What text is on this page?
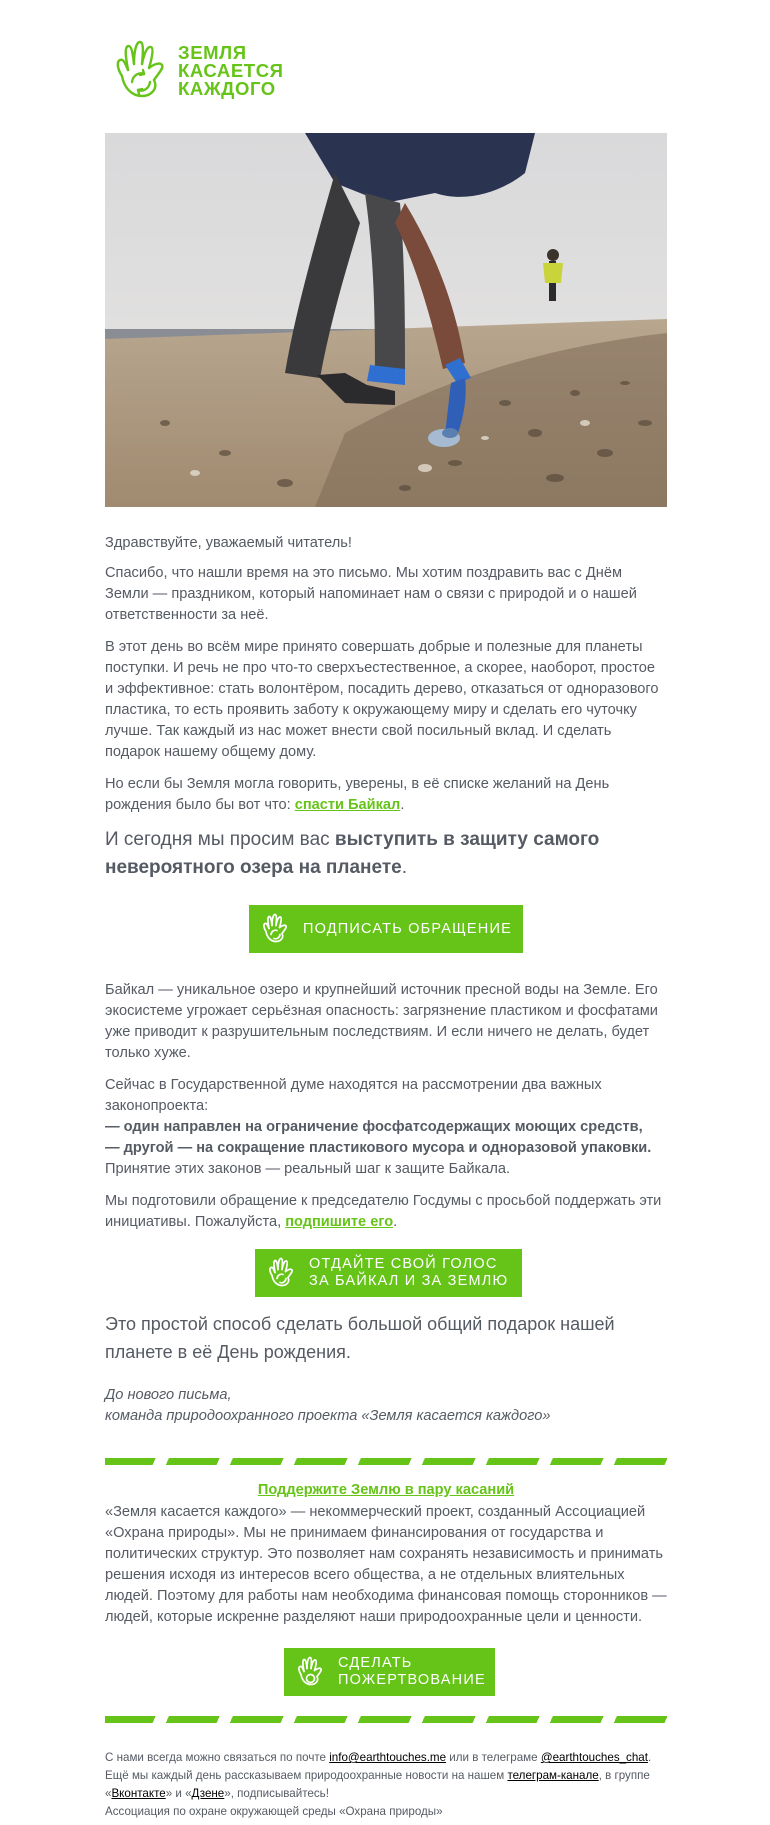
ЗЕМЛЯ
КАСАЕТСЯ
КАЖДОГО
Здравствуйте, уважаемый читатель!
Спасибо, что нашли время на это письмо. Мы хотим поздравить вас с Днём Земли — праздником, который напоминает нам о связи с природой и о нашей ответственности за неё.
В этот день во всём мире принято совершать добрые и полезные для планеты поступки. И речь не про что-то сверхъестественное, а скорее, наоборот, простое и эффективное: стать волонтёром, посадить дерево, отказаться от одноразового пластика, то есть проявить заботу к окружающему миру и сделать его чуточку лучше. Так каждый из нас может внести свой посильный вклад. И сделать подарок нашему общему дому.
Но если бы Земля могла говорить, уверены, в её списке желаний на День рождения было бы вот что: спасти Байкал.
И сегодня мы просим вас выступить в защиту самого невероятного озера на планете.
ПОДПИСАТЬ ОБРАЩЕНИЕ
Байкал — уникальное озеро и крупнейший источник пресной воды на Земле. Его экосистеме угрожает серьёзная опасность: загрязнение пластиком и фосфатами уже приводит к разрушительным последствиям. И если ничего не делать, будет только хуже.
Сейчас в Государственной думе находятся на рассмотрении два важных законопроекта:
— один направлен на ограничение фосфатсодержащих моющих средств,
— другой — на сокращение пластикового мусора и одноразовой упаковки.
Принятие этих законов — реальный шаг к защите Байкала.
Мы подготовили обращение к председателю Госдумы с просьбой поддержать эти инициативы. Пожалуйста, подпишите его.
ОТДАЙТЕ СВОЙ ГОЛОС
ЗА БАЙКАЛ И ЗА ЗЕМЛЮ
Это простой способ сделать большой общий подарок нашей планете в её День рождения.
До нового письма,
команда природоохранного проекта «Земля касается каждого»
Поддержите Землю в пару касаний
«Земля касается каждого» — некоммерческий проект, созданный Ассоциацией «Охрана природы». Мы не принимаем финансирования от государства и политических структур. Это позволяет нам сохранять независимость и принимать решения исходя из интересов всего общества, а не отдельных влиятельных людей. Поэтому для работы нам необходима финансовая помощь сторонников — людей, которые искренне разделяют наши природоохранные цели и ценности.
СДЕЛАТЬ
ПОЖЕРТВОВАНИЕ
С нами всегда можно связаться по почте info@earthtouches.me или в телеграме @earthtouches_chat. Ещё мы каждый день рассказываем природоохранные новости на нашем телеграм-канале, в группе «Вконтакте» и «Дзене», подписывайтесь!
Ассоциация по охране окружающей среды «Охрана природы»
